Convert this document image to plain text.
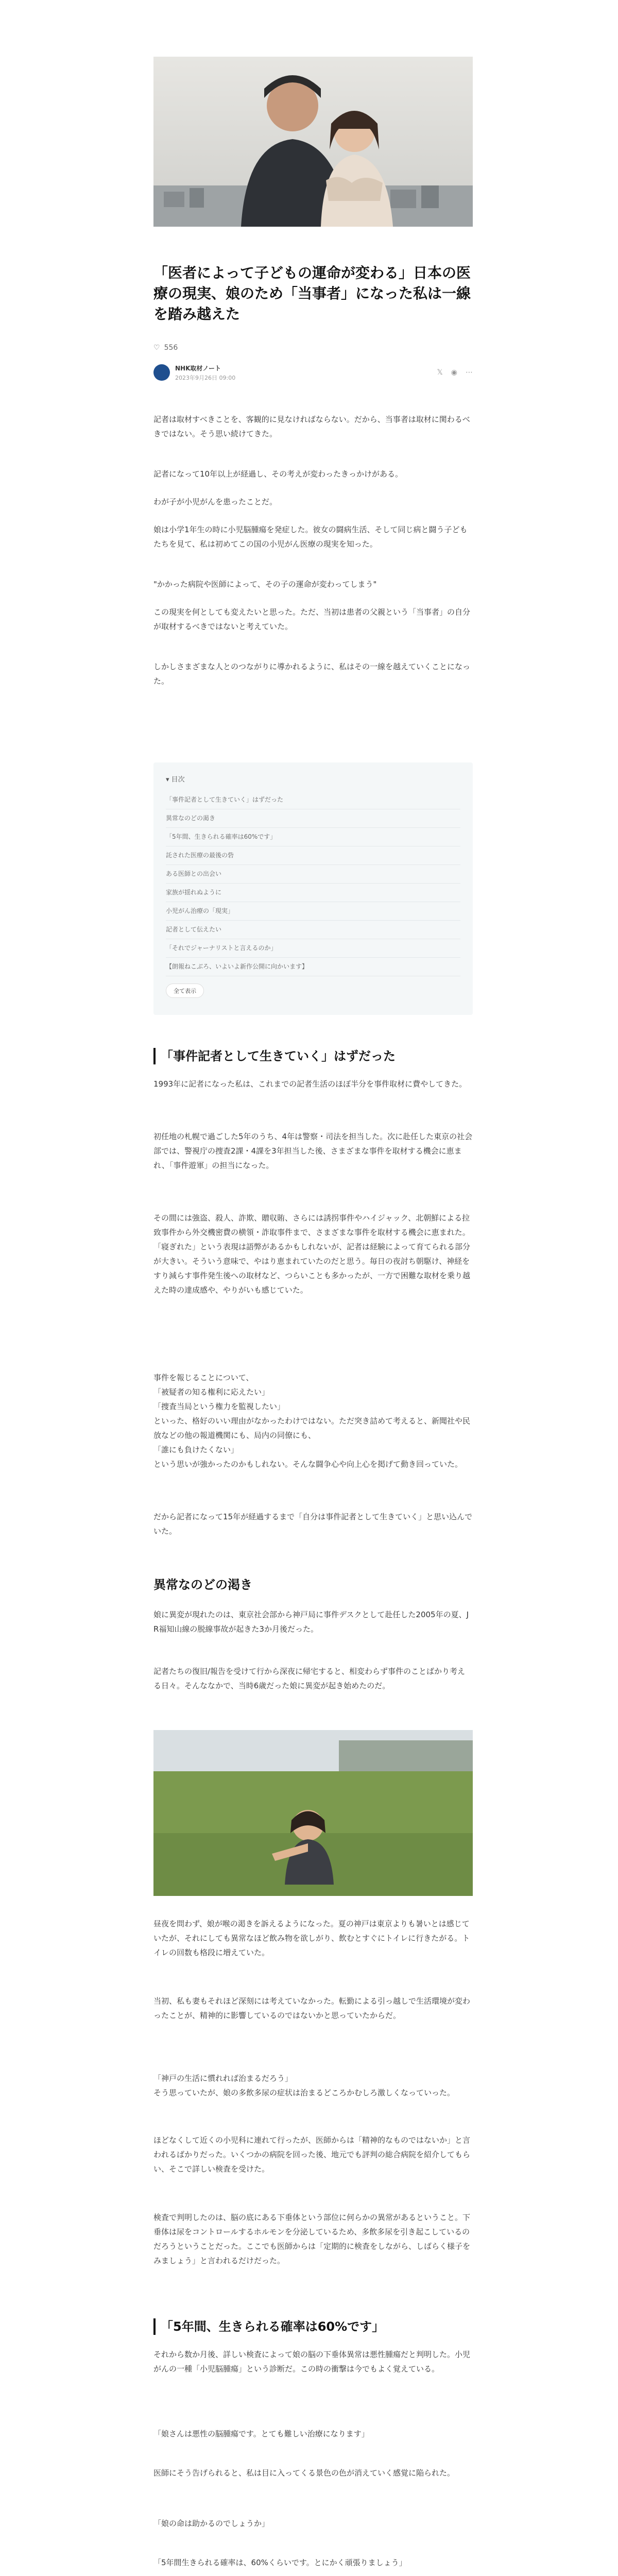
「医者によって子どもの運命が変わる」日本の医療の現実、娘のため「当事者」になった私は一線を踏み越えた
♡ 556
NHK取材ノート
2023年9月26日 09:00
𝕏 ◉ ⋯

記者は取材すべきことを、客観的に見なければならない。だから、当事者は取材に関わるべきではない。そう思い続けてきた。

記者になって10年以上が経過し、その考えが変わったきっかけがある。

わが子が小児がんを患ったことだ。

娘は小学1年生の時に小児脳腫瘍を発症した。彼女の闘病生活、そして同じ病と闘う子どもたちを見て、私は初めてこの国の小児がん医療の現実を知った。

"かかった病院や医師によって、その子の運命が変わってしまう"

この現実を何としても変えたいと思った。ただ、当初は患者の父親という「当事者」の自分が取材するべきではないと考えていた。

しかしさまざまな人とのつながりに導かれるように、私はその一線を越えていくことになった。

▾ 目次
「事件記者として生きていく」はずだった
異常なのどの渇き
「5年間、生きられる確率は60%です」
託された医療の最後の砦
ある医師との出会い
家族が揺れぬように
小児がん治療の「現実」
記者として伝えたい
「それでジャーナリストと言えるのか」
【朗報ねこぶろ、いよいよ新作公開に向かいます】
全て表示
「事件記者として生きていく」はずだった

1993年に記者になった私は、これまでの記者生活のほぼ半分を事件取材に費やしてきた。

初任地の札幌で過ごした5年のうち、4年は警察・司法を担当した。次に赴任した東京の社会部では、警視庁の捜査2課・4課を3年担当した後、さまざまな事件を取材する機会に恵まれ、「事件遊軍」の担当になった。

その間には強盗、殺人、詐欺、贈収賄、さらには誘拐事件やハイジャック、北朝鮮による拉致事件から外交機密費の横領・詐取事件まで、さまざまな事件を取材する機会に恵まれた。「寝ぎれた」という表現は語弊があるかもしれないが、記者は経験によって育てられる部分が大きい。そういう意味で、やはり恵まれていたのだと思う。毎日の夜討ち朝駆け、神経をすり減らす事件発生後への取材など、つらいことも多かったが、一方で困難な取材を乗り越えた時の達成感や、やりがいも感じていた。

事件を報じることについて、
「被疑者の知る権利に応えたい」
「捜査当局という権力を監視したい」
といった、格好のいい理由がなかったわけではない。ただ突き詰めて考えると、新聞社や民放などの他の報道機関にも、局内の同僚にも、
「誰にも負けたくない」
という思いが強かったのかもしれない。そんな闘争心や向上心を掲げて動き回っていた。

だから記者になって15年が経過するまで「自分は事件記者として生きていく」と思い込んでいた。

異常なのどの渇き

娘に異変が現れたのは、東京社会部から神戸局に事件デスクとして赴任した2005年の夏、J R福知山線の脱線事故が起きた3か月後だった。

記者たちの復旧/報告を受けて行から深夜に帰宅すると、相変わらず事件のことばかり考える日々。そんななかで、当時6歳だった娘に異変が起き始めたのだ。

昼夜を問わず、娘が喉の渇きを訴えるようになった。夏の神戸は東京よりも暑いとは感じていたが、それにしても異常なほど飲み物を欲しがり、飲むとすぐにトイレに行きたがる。トイレの回数も格段に増えていた。

当初、私も妻もそれほど深刻には考えていなかった。転勤による引っ越しで生活環境が変わったことが、精神的に影響しているのではないかと思っていたからだ。

「神戸の生活に慣れれば治まるだろう」
そう思っていたが、娘の多飲多尿の症状は治まるどころかむしろ激しくなっていった。

ほどなくして近くの小児科に連れて行ったが、医師からは「精神的なものではないか」と言われるばかりだった。いくつかの病院を回った後、地元でも評判の総合病院を紹介してもらい、そこで詳しい検査を受けた。

検査で判明したのは、脳の底にある下垂体という部位に何らかの異常があるということ。下垂体は尿をコントロールするホルモンを分泌しているため、多飲多尿を引き起こしているのだろうということだった。ここでも医師からは「定期的に検査をしながら、しばらく様子をみましょう」と言われるだけだった。

「5年間、生きられる確率は60%です」

それから数か月後、詳しい検査によって娘の脳の下垂体異常は悪性腫瘍だと判明した。小児がんの一種「小児脳腫瘍」という診断だ。この時の衝撃は今でもよく覚えている。

「娘さんは悪性の脳腫瘍です。とても難しい治療になります」

医師にそう告げられると、私は目に入ってくる景色の色が消えていく感覚に陥られた。

「娘の命は助かるのでしょうか」

「5年間生きられる確率は、60%くらいです。とにかく頑張りましょう」
